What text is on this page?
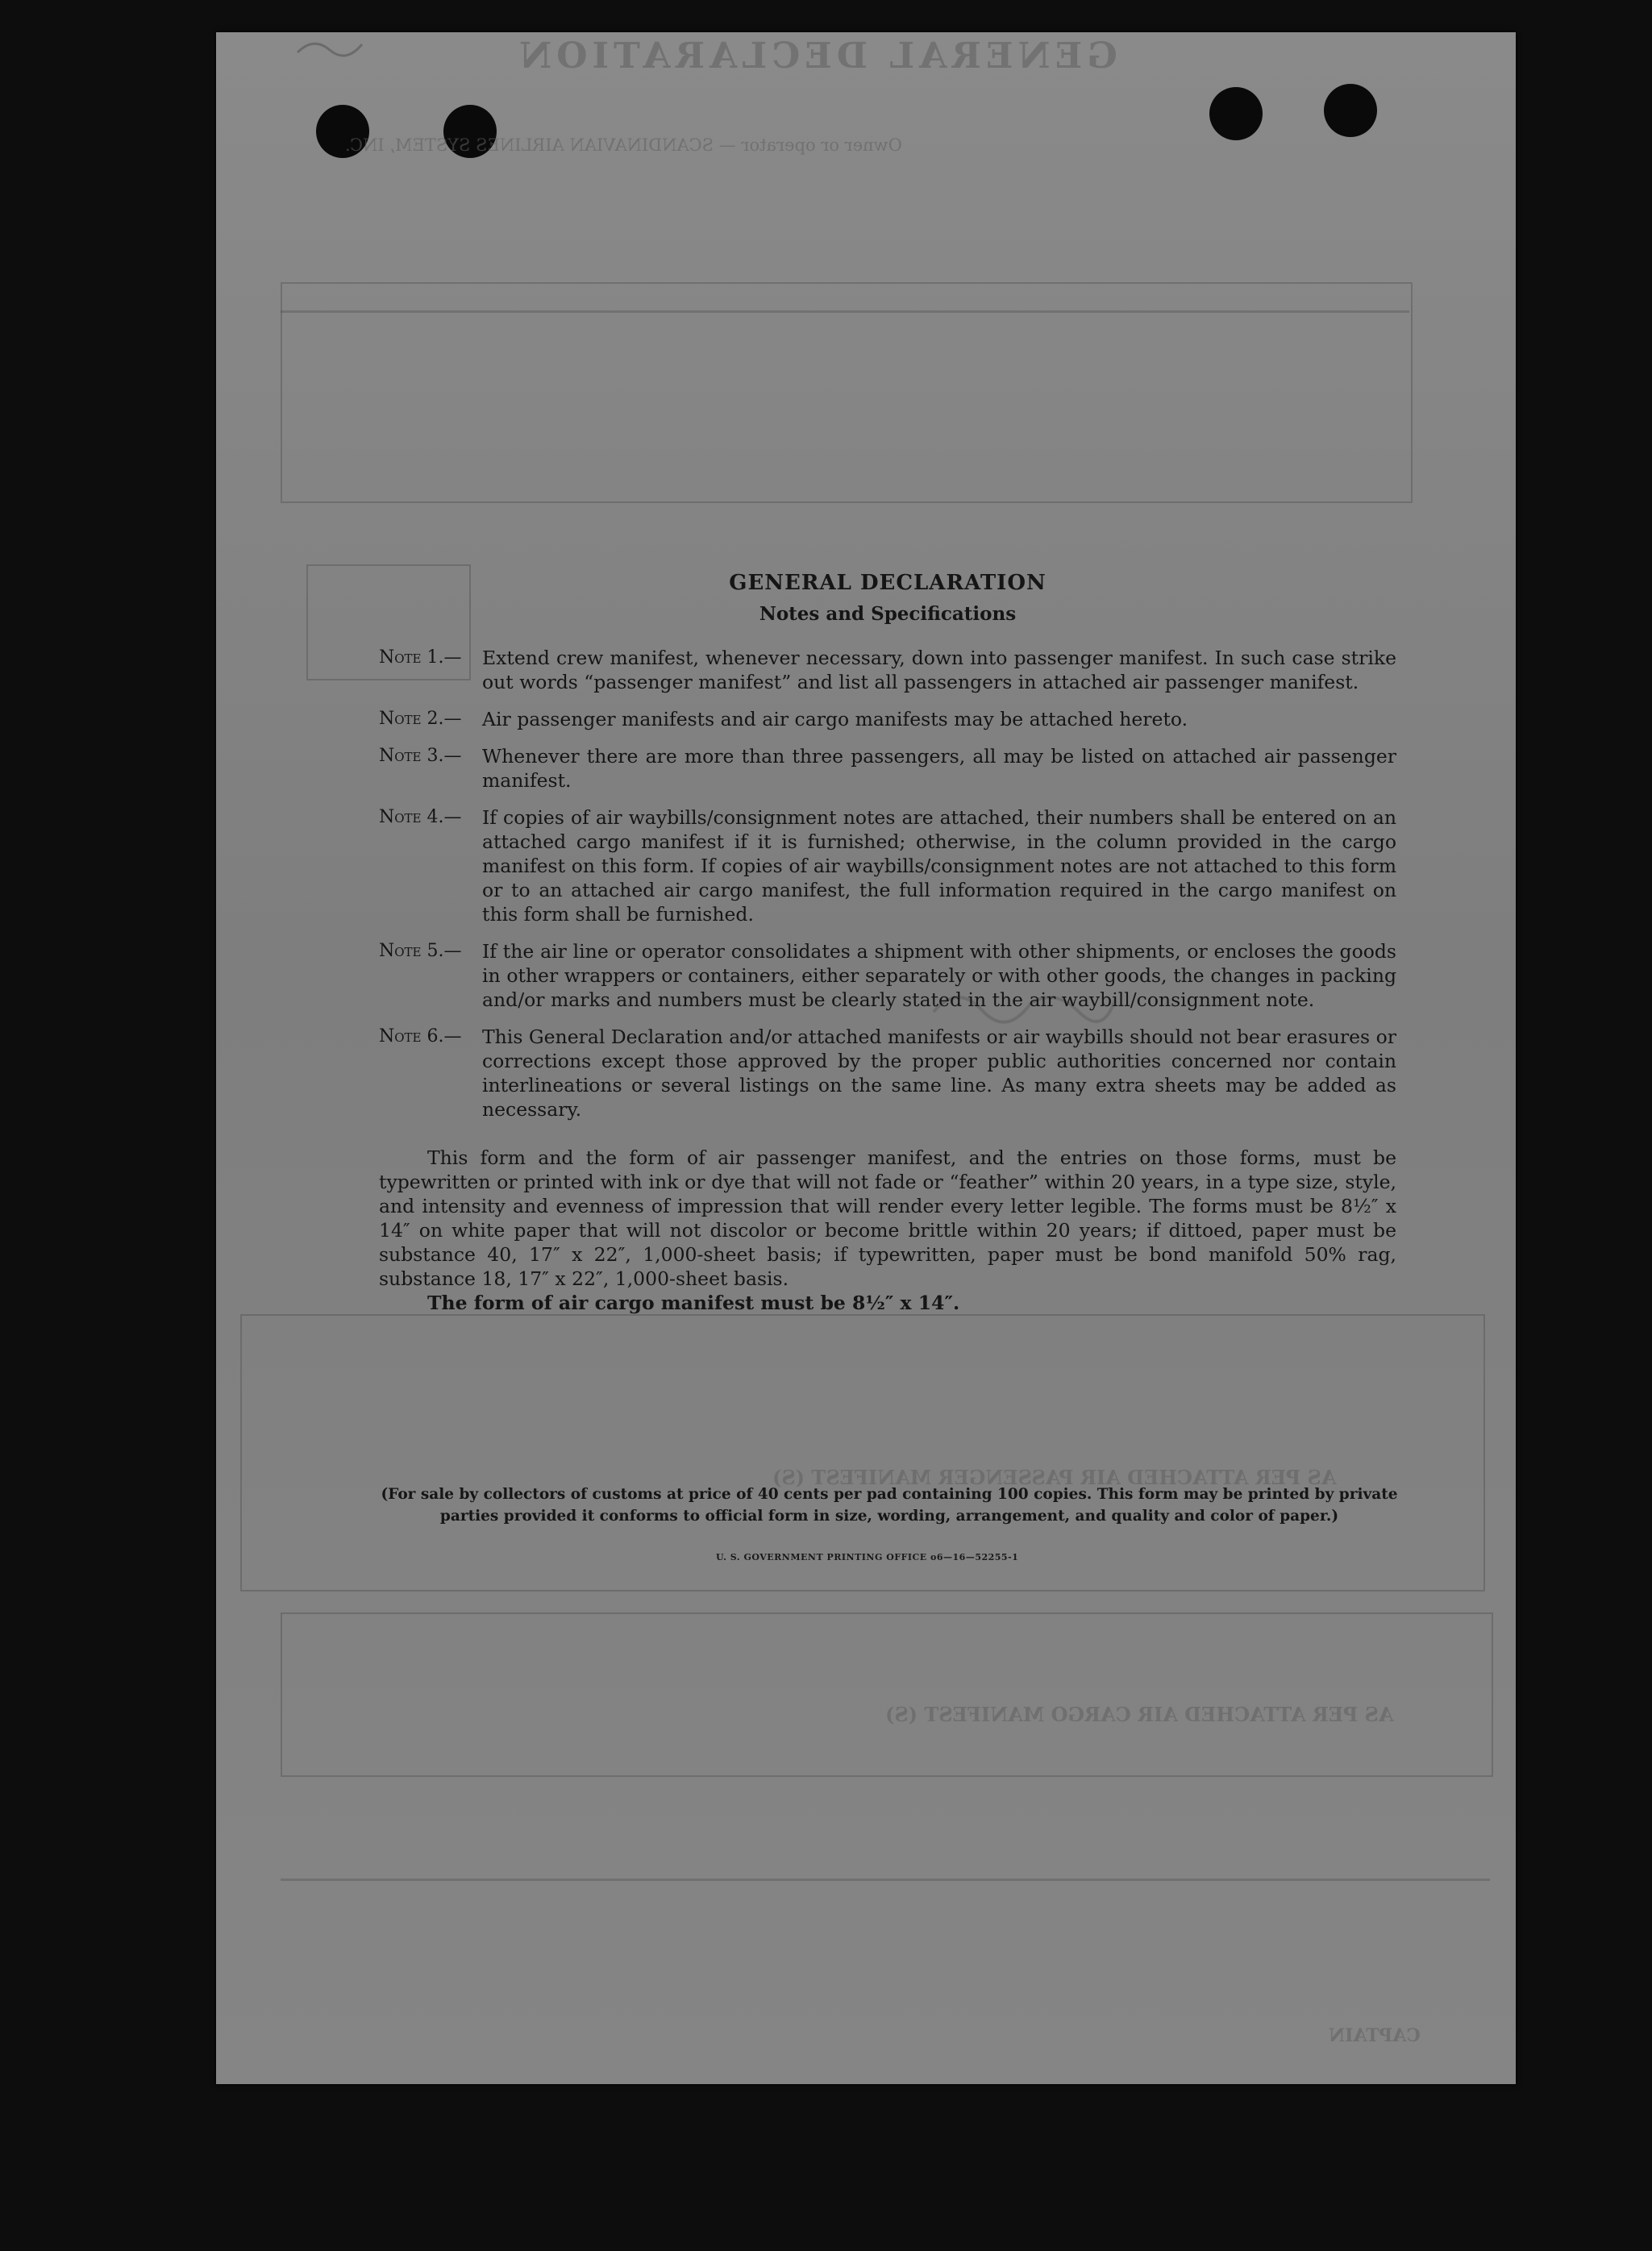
GENERAL DECLARATION
Owner or operator — SCANDINAVIAN AIRLINES SYSTEM, INC.
AS PER ATTACHED AIR PASSENGER MANIFEST (S)
AS PER ATTACHED AIR CARGO MANIFEST (S)
CAPTAIN
GENERAL DECLARATION
Notes and Specifications
Note 1.—	Extend crew manifest, whenever necessary, down into passenger manifest. In such case strike out words “passenger manifest” and list all passengers in attached air passenger manifest.
Note 2.—	Air passenger manifests and air cargo manifests may be attached hereto.
Note 3.—	Whenever there are more than three passengers, all may be listed on attached air passenger manifest.
Note 4.—	If copies of air waybills/consignment notes are attached, their numbers shall be entered on an attached cargo manifest if it is furnished; otherwise, in the column provided in the cargo manifest on this form. If copies of air waybills/consignment notes are not attached to this form or to an attached air cargo manifest, the full information required in the cargo manifest on this form shall be furnished.
Note 5.—	If the air line or operator consolidates a shipment with other shipments, or encloses the goods in other wrappers or containers, either separately or with other goods, the changes in packing and/or marks and numbers must be clearly stated in the air waybill/consignment note.
Note 6.—	This General Declaration and/or attached manifests or air waybills should not bear erasures or corrections except those approved by the proper public authorities concerned nor contain interlineations or several listings on the same line. As many extra sheets may be added as necessary.
This form and the form of air passenger manifest, and the entries on those forms, must be typewritten or printed with ink or dye that will not fade or “feather” within 20 years, in a type size, style, and intensity and evenness of impression that will render every letter legible. The forms must be 8½″ x 14″ on white paper that will not discolor or become brittle within 20 years; if dittoed, paper must be substance 40, 17″ x 22″, 1,000-sheet basis; if typewritten, paper must be bond manifold 50% rag, substance 18, 17″ x 22″, 1,000-sheet basis.
The form of air cargo manifest must be 8½″ x 14″.
(For sale by collectors of customs at price of 40 cents per pad containing 100 copies. This form may be printed by private parties provided it conforms to official form in size, wording, arrangement, and quality and color of paper.)
U. S. GOVERNMENT PRINTING OFFICE o6—16—52255-1
